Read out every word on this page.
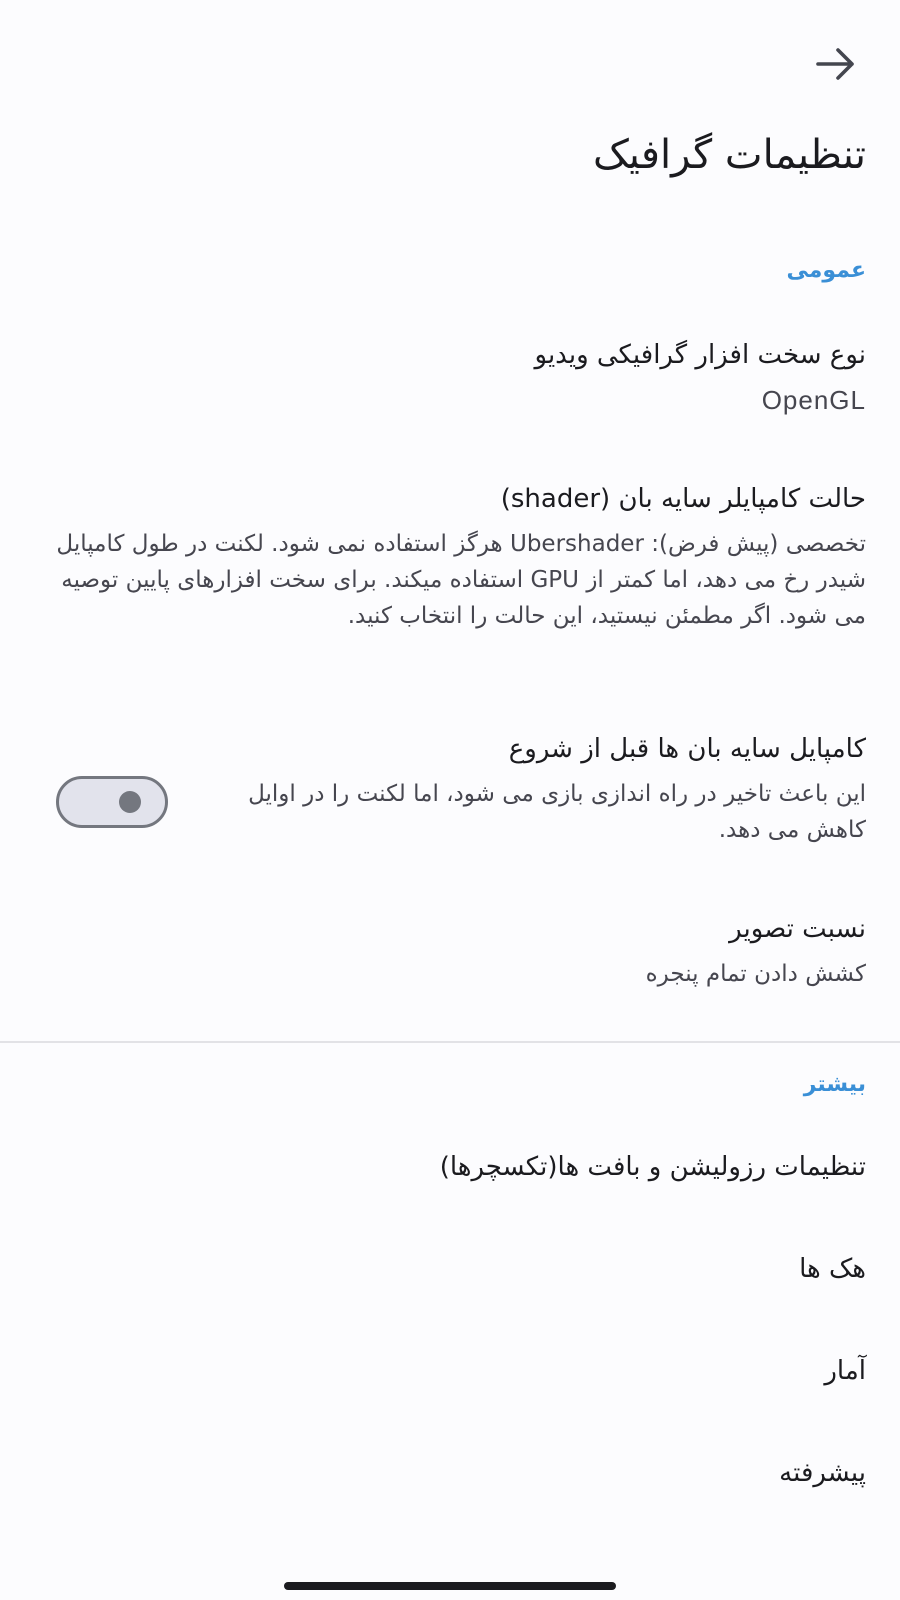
تنظیمات گرافیک
عمومی
نوع سخت افزار گرافیکی ویدیو
OpenGL
حالت کامپایلر سایه بان (shader)
تخصصی (پیش فرض): Ubershader هرگز استفاده نمی شود. لکنت در طول کامپایل شیدر رخ می دهد، اما کمتر از GPU استفاده میکند. برای سخت افزارهای پایین توصیه می شود. اگر مطمئن نیستید، این حالت را انتخاب کنید.
کامپایل سایه بان ها قبل از شروع
این باعث تاخیر در راه اندازی بازی می شود، اما لکنت را در اوایل کاهش می دهد.
نسبت تصویر
کشش دادن تمام پنجره
بیشتر
تنظیمات رزولیشن و بافت ها(تکسچرها)
هک ها
آمار
پیشرفته
